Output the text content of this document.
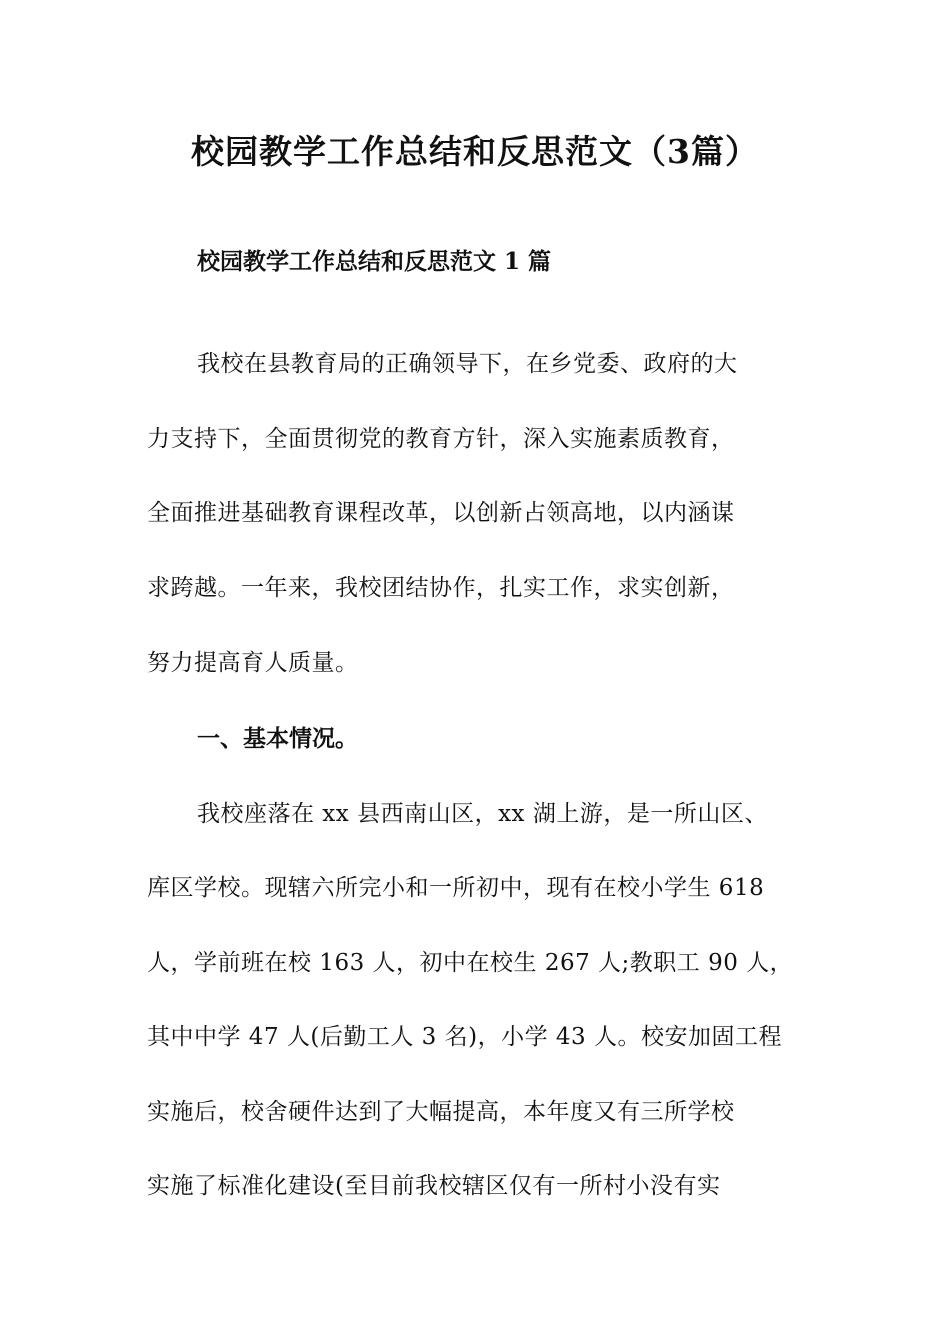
校园教学工作总结和反思范文（3篇）
校园教学工作总结和反思范文 1 篇

我校在县教育局的正确领导下，在乡党委、政府的大

力支持下，全面贯彻党的教育方针，深入实施素质教育，

全面推进基础教育课程改革，以创新占领高地，以内涵谋

求跨越。一年来，我校团结协作，扎实工作，求实创新，

努力提高育人质量。

一、基本情况。

我校座落在 xx 县西南山区，xx 湖上游，是一所山区、

库区学校。现辖六所完小和一所初中，现有在校小学生 618

人，学前班在校 163 人，初中在校生 267 人;教职工 90 人，

其中中学 47 人(后勤工人 3 名)，小学 43 人。校安加固工程

实施后，校舍硬件达到了大幅提高，本年度又有三所学校

实施了标准化建设(至目前我校辖区仅有一所村小没有实
